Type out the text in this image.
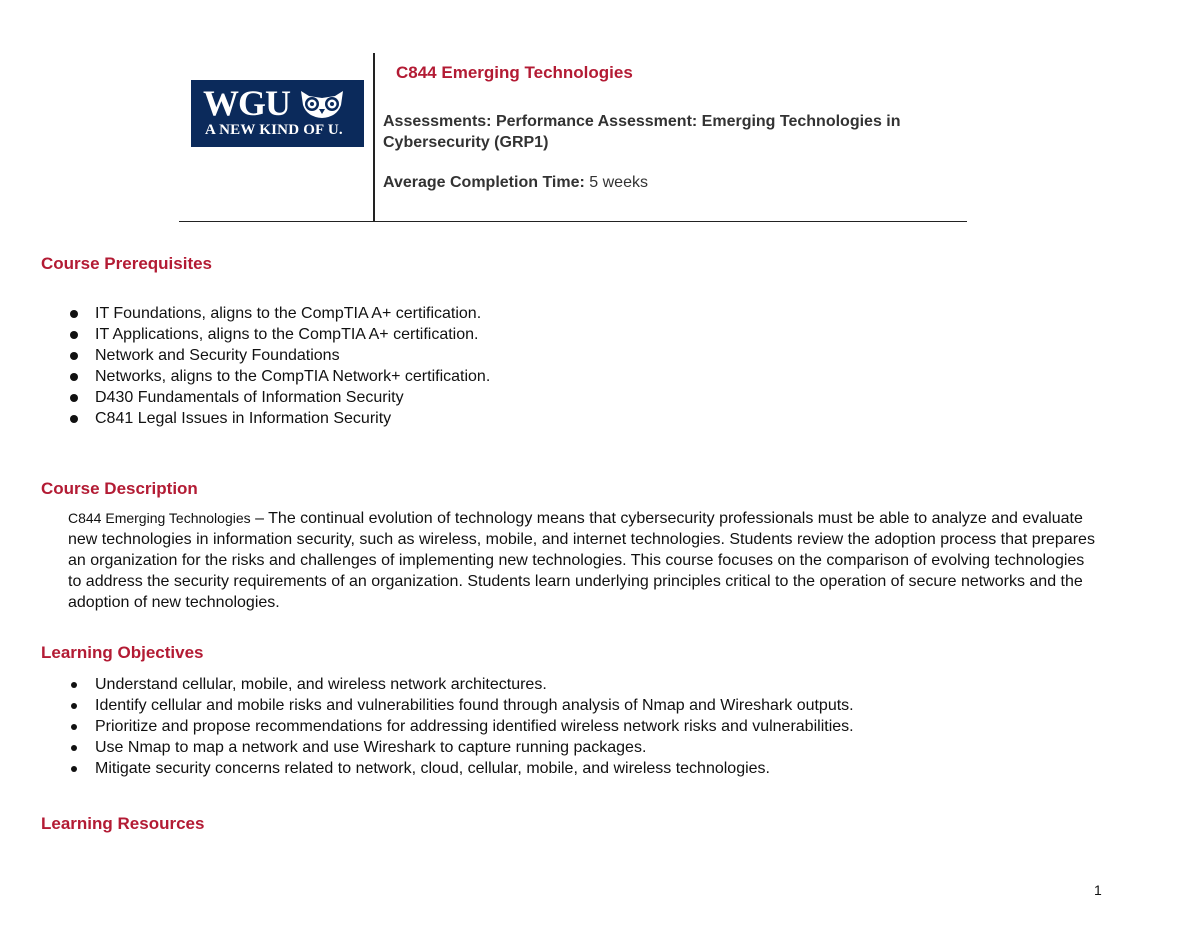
WGU
A NEW KIND OF U.
C844 Emerging Technologies
Assessments: Performance Assessment: Emerging Technologies in Cybersecurity (GRP1)
Average Completion Time: 5 weeks
Course Prerequisites
IT Foundations, aligns to the CompTIA A+ certification.
IT Applications, aligns to the CompTIA A+ certification.
Network and Security Foundations
Networks, aligns to the CompTIA Network+ certification.
D430 Fundamentals of Information Security
C841 Legal Issues in Information Security
Course Description
C844 Emerging Technologies – The continual evolution of technology means that cybersecurity professionals must be able to analyze and evaluate new technologies in information security, such as wireless, mobile, and internet technologies. Students review the adoption process that prepares an organization for the risks and challenges of implementing new technologies. This course focuses on the comparison of evolving technologies to address the security requirements of an organization. Students learn underlying principles critical to the operation of secure networks and the adoption of new technologies.
Learning Objectives
Understand cellular, mobile, and wireless network architectures.
Identify cellular and mobile risks and vulnerabilities found through analysis of Nmap and Wireshark outputs.
Prioritize and propose recommendations for addressing identified wireless network risks and vulnerabilities.
Use Nmap to map a network and use Wireshark to capture running packages.
Mitigate security concerns related to network, cloud, cellular, mobile, and wireless technologies.
Learning Resources
1
